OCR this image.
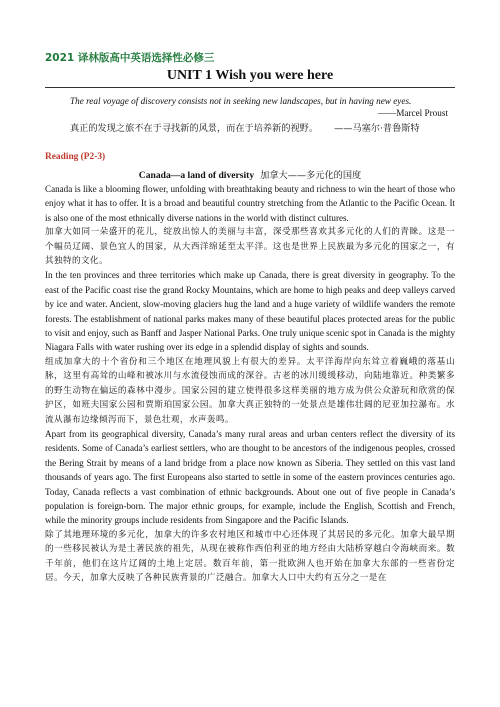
2021 译林版高中英语选择性必修三
UNIT 1 Wish you were here
The real voyage of discovery consists not in seeking new landscapes, but in having new eyes.
——Marcel Proust
真正的发现之旅不在于寻找新的风景，而在于培养新的视野。 ——马塞尔·普鲁斯特
Reading (P2-3)
Canada—a land of diversity 加拿大——多元化的国度

Canada is like a blooming flower, unfolding with breathtaking beauty and richness to win the heart of those who enjoy what it has to offer. It is a broad and beautiful country stretching from the Atlantic to the Pacific Ocean. It is also one of the most ethnically diverse nations in the world with distinct cultures.

加拿大如同一朵盛开的花儿，绽放出惊人的美丽与丰富，深受那些喜欢其多元化的人们的青睐。这是一个幅员辽阔、景色宜人的国家，从大西洋绵延至太平洋。这也是世界上民族最为多元化的国家之一，有其独特的文化。

In the ten provinces and three territories which make up Canada, there is great diversity in geography. To the east of the Pacific coast rise the grand Rocky Mountains, which are home to high peaks and deep valleys carved by ice and water. Ancient, slow-moving glaciers hug the land and a huge variety of wildlife wanders the remote forests. The establishment of national parks makes many of these beautiful places protected areas for the public to visit and enjoy, such as Banff and Jasper National Parks. One truly unique scenic spot in Canada is the mighty Niagara Falls with water rushing over its edge in a splendid display of sights and sounds.

组成加拿大的十个省份和三个地区在地理风貌上有很大的差异。太平洋海岸向东耸立着巍峨的落基山脉，这里有高耸的山峰和被冰川与水流侵蚀而成的深谷。古老的冰川缓缓移动，向陆地靠近。种类繁多的野生动物在偏远的森林中漫步。国家公园的建立使得很多这样美丽的地方成为供公众游玩和欣赏的保护区，如班夫国家公园和贾斯珀国家公园。加拿大真正独特的一处景点是雄伟壮阔的尼亚加拉瀑布。水流从瀑布边缘倾泻而下，景色壮观，水声轰鸣。

Apart from its geographical diversity, Canada’s many rural areas and urban centers reflect the diversity of its residents. Some of Canada’s earliest settlers, who are thought to be ancestors of the indigenous peoples, crossed the Bering Strait by means of a land bridge from a place now known as Siberia. They settled on this vast land thousands of years ago. The first Europeans also started to settle in some of the eastern provinces centuries ago. Today, Canada reflects a vast combination of ethnic backgrounds. About one out of five people in Canada’s population is foreign-born. The major ethnic groups, for example, include the English, Scottish and French, while the minority groups include residents from Singapore and the Pacific Islands.

除了其地理环境的多元化，加拿大的许多农村地区和城市中心还体现了其居民的多元化。加拿大最早期的一些移民被认为是土著民族的祖先，从现在被称作西伯利亚的地方经由大陆桥穿越白令海峡而来。数千年前，他们在这片辽阔的土地上定居。数百年前，第一批欧洲人也开始在加拿大东部的一些省份定居。今天，加拿大反映了各种民族背景的广泛融合。加拿大人口中大约有五分之一是在
